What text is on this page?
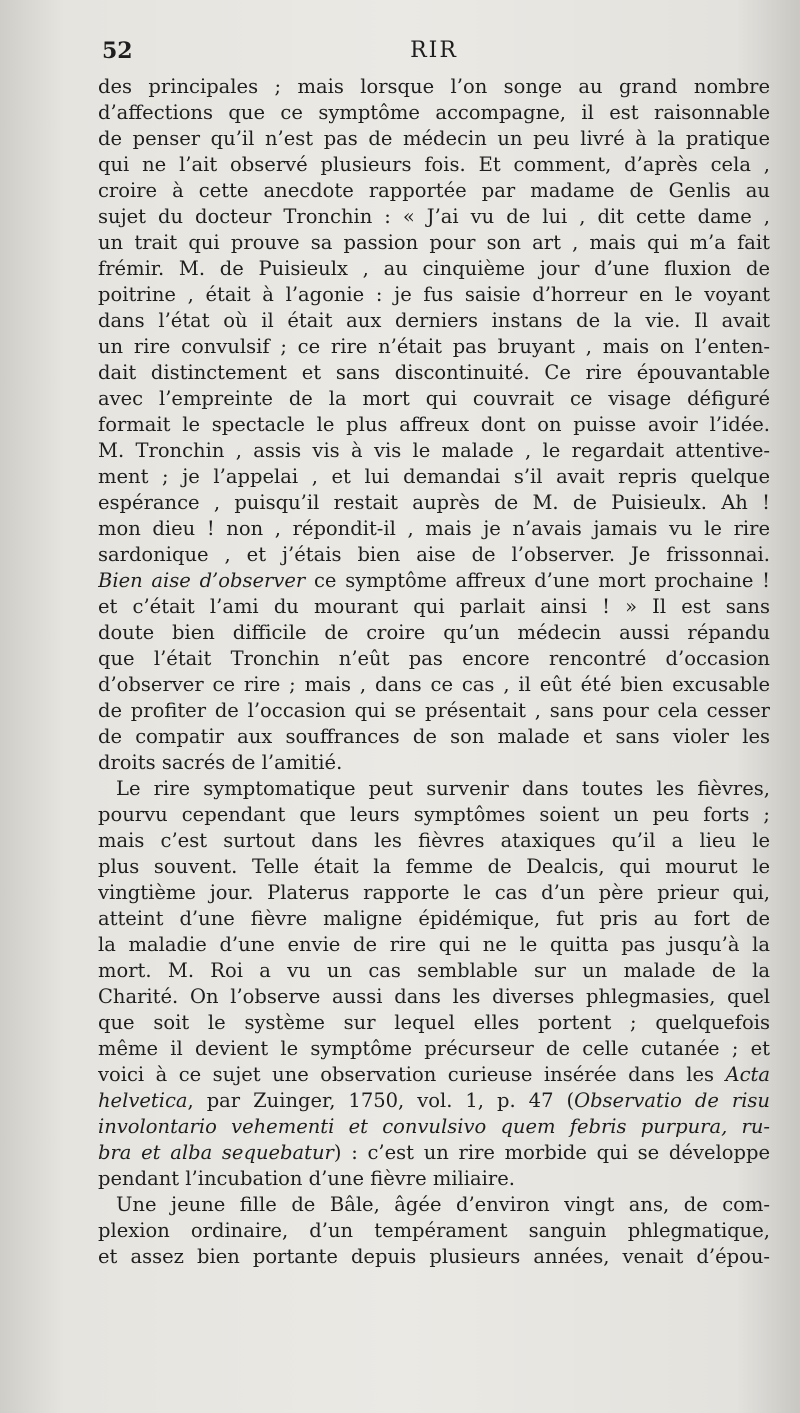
52	RIR
des principales ; mais lorsque l’on songe au grand nombre
d’affections que ce symptôme accompagne, il est raisonnable
de penser qu’il n’est pas de médecin un peu livré à la pratique
qui ne l’ait observé plusieurs fois. Et comment, d’après cela ,
croire à cette anecdote rapportée par madame de Genlis au
sujet du docteur Tronchin : « J’ai vu de lui , dit cette dame ,
un trait qui prouve sa passion pour son art , mais qui m’a fait
frémir. M. de Puisieulx , au cinquième jour d’une fluxion de
poitrine , était à l’agonie : je fus saisie d’horreur en le voyant
dans l’état où il était aux derniers instans de la vie. Il avait
un rire convulsif ; ce rire n’était pas bruyant , mais on l’enten-
dait distinctement et sans discontinuité. Ce rire épouvantable
avec l’empreinte de la mort qui couvrait ce visage défiguré
formait le spectacle le plus affreux dont on puisse avoir l’idée.
M. Tronchin , assis vis à vis le malade , le regardait attentive-
ment ; je l’appelai , et lui demandai s’il avait repris quelque
espérance , puisqu’il restait auprès de M. de Puisieulx. Ah !
mon dieu ! non , répondit-il , mais je n’avais jamais vu le rire
sardonique , et j’étais bien aise de l’observer. Je frissonnai.
Bien aise d’observer ce symptôme affreux d’une mort prochaine !
et c’était l’ami du mourant qui parlait ainsi ! » Il est sans
doute bien difficile de croire qu’un médecin aussi répandu
que l’était Tronchin n’eût pas encore rencontré d’occasion
d’observer ce rire ; mais , dans ce cas , il eût été bien excusable
de profiter de l’occasion qui se présentait , sans pour cela cesser
de compatir aux souffrances de son malade et sans violer les
droits sacrés de l’amitié.
Le rire symptomatique peut survenir dans toutes les fièvres,
pourvu cependant que leurs symptômes soient un peu forts ;
mais c’est surtout dans les fièvres ataxiques qu’il a lieu le
plus souvent. Telle était la femme de Dealcis, qui mourut le
vingtième jour. Platerus rapporte le cas d’un père prieur qui,
atteint d’une fièvre maligne épidémique, fut pris au fort de
la maladie d’une envie de rire qui ne le quitta pas jusqu’à la
mort. M. Roi a vu un cas semblable sur un malade de la
Charité. On l’observe aussi dans les diverses phlegmasies, quel
que soit le système sur lequel elles portent ; quelquefois
même il devient le symptôme précurseur de celle cutanée ; et
voici à ce sujet une observation curieuse insérée dans les Acta
helvetica, par Zuinger, 1750, vol. 1, p. 47 (Observatio de risu
involontario vehementi et convulsivo quem febris purpura, ru-
bra et alba sequebatur) : c’est un rire morbide qui se développe
pendant l’incubation d’une fièvre miliaire.
Une jeune fille de Bâle, âgée d’environ vingt ans, de com-
plexion ordinaire, d’un tempérament sanguin phlegmatique,
et assez bien portante depuis plusieurs années, venait d’épou-
